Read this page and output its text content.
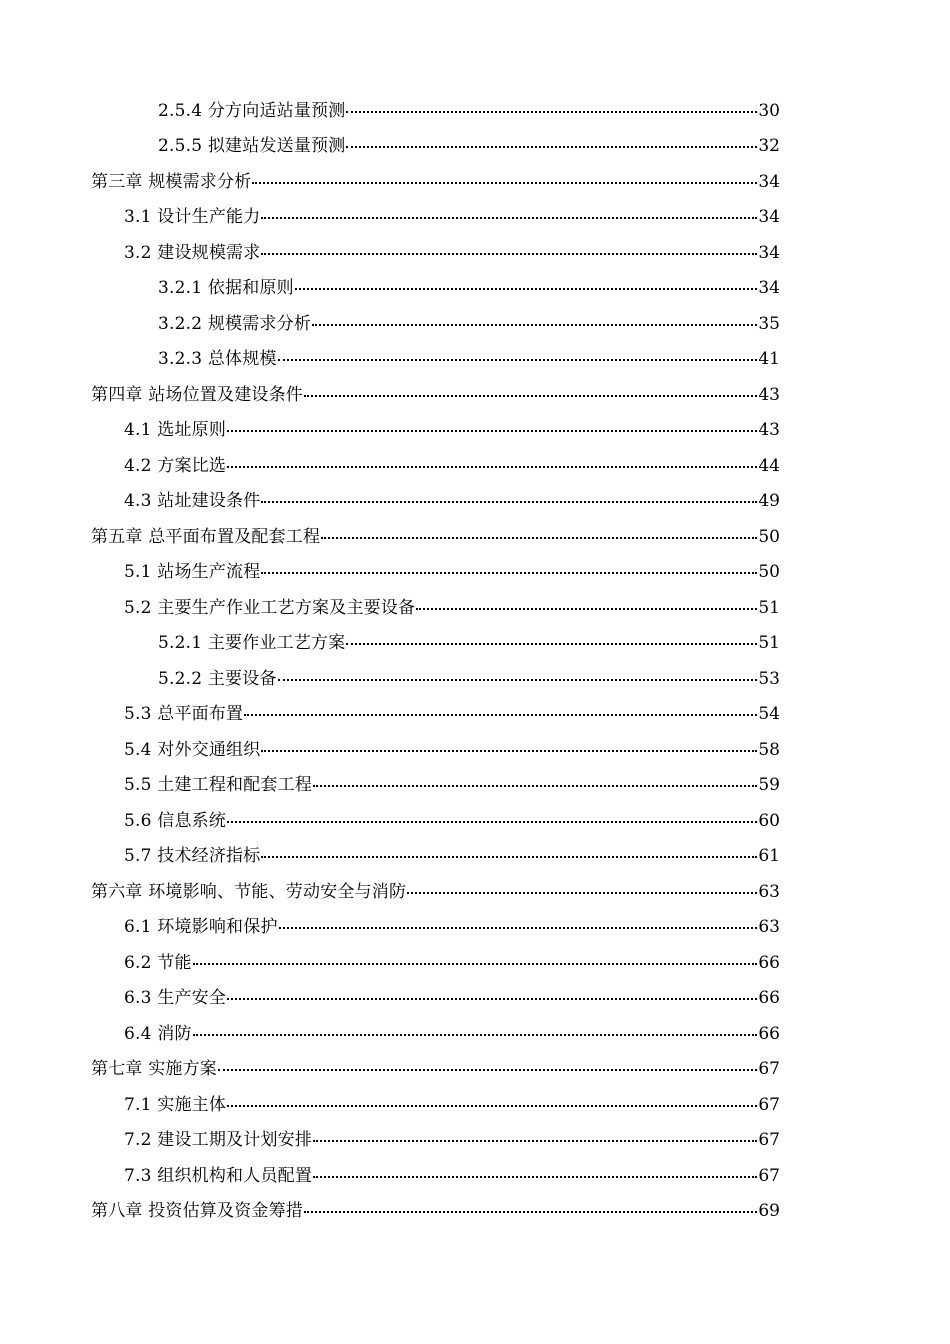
2.5.4 分方向适站量预测	30
2.5.5 拟建站发送量预测	32
第三章 规模需求分析	34
3.1 设计生产能力	34
3.2 建设规模需求	34
3.2.1 依据和原则	34
3.2.2 规模需求分析	35
3.2.3 总体规模	41
第四章 站场位置及建设条件	43
4.1 选址原则	43
4.2 方案比选	44
4.3 站址建设条件	49
第五章 总平面布置及配套工程	50
5.1 站场生产流程	50
5.2 主要生产作业工艺方案及主要设备	51
5.2.1 主要作业工艺方案	51
5.2.2 主要设备	53
5.3 总平面布置	54
5.4 对外交通组织	58
5.5 土建工程和配套工程	59
5.6 信息系统	60
5.7 技术经济指标	61
第六章 环境影响、节能、劳动安全与消防	63
6.1 环境影响和保护	63
6.2 节能	66
6.3 生产安全	66
6.4 消防	66
第七章 实施方案	67
7.1 实施主体	67
7.2 建设工期及计划安排	67
7.3 组织机构和人员配置	67
第八章 投资估算及资金筹措	69
